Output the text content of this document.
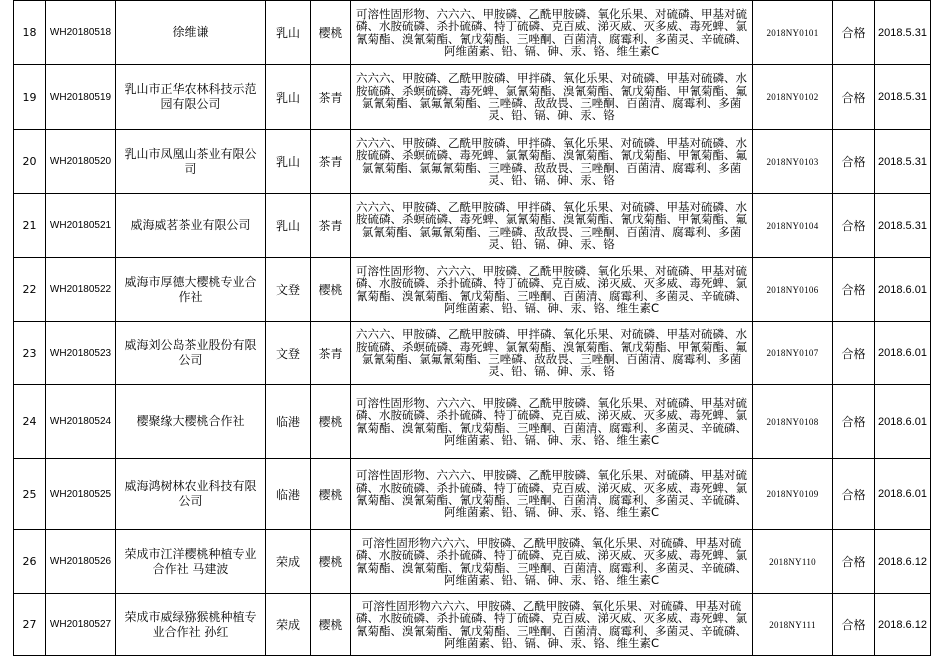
18	WH20180518	徐维谦	乳山	樱桃	可溶性固形物、六六六、甲胺磷、乙酰甲胺磷、氧化乐果、对硫磷、甲基对硫磷、水胺硫磷、杀扑硫磷、特丁硫磷、克百威、涕灭威、灭多威、毒死蜱、氯氰菊酯、溴氰菊酯、氰戊菊酯、三唑酮、百菌清、腐霉利、多菌灵、辛硫磷、阿维菌素、铅、镉、砷、汞、铬、维生素C	2018NY0101	合格	2018.5.31
19	WH20180519	乳山市正华农林科技示范园有限公司	乳山	茶青	六六六、甲胺磷、乙酰甲胺磷、甲拌磷、氧化乐果、对硫磷、甲基对硫磷、水胺硫磷、杀螟硫磷、毒死蜱、氯氰菊酯、溴氰菊酯、氰戊菊酯、甲氰菊酯、氟氯氰菊酯、氯氟氰菊酯、三唑磷、敌敌畏、三唑酮、百菌清、腐霉利、多菌灵、铅、镉、砷、汞、铬	2018NY0102	合格	2018.5.31
20	WH20180520	乳山市凤凰山茶业有限公司	乳山	茶青	六六六、甲胺磷、乙酰甲胺磷、甲拌磷、氧化乐果、对硫磷、甲基对硫磷、水胺硫磷、杀螟硫磷、毒死蜱、氯氰菊酯、溴氰菊酯、氰戊菊酯、甲氰菊酯、氟氯氰菊酯、氯氟氰菊酯、三唑磷、敌敌畏、三唑酮、百菌清、腐霉利、多菌灵、铅、镉、砷、汞、铬	2018NY0103	合格	2018.5.31
21	WH20180521	威海威茗茶业有限公司	乳山	茶青	六六六、甲胺磷、乙酰甲胺磷、甲拌磷、氧化乐果、对硫磷、甲基对硫磷、水胺硫磷、杀螟硫磷、毒死蜱、氯氰菊酯、溴氰菊酯、氰戊菊酯、甲氰菊酯、氟氯氰菊酯、氯氟氰菊酯、三唑磷、敌敌畏、三唑酮、百菌清、腐霉利、多菌灵、铅、镉、砷、汞、铬	2018NY0104	合格	2018.5.31
22	WH20180522	威海市厚德大樱桃专业合作社	文登	樱桃	可溶性固形物、六六六、甲胺磷、乙酰甲胺磷、氧化乐果、对硫磷、甲基对硫磷、水胺硫磷、杀扑硫磷、特丁硫磷、克百威、涕灭威、灭多威、毒死蜱、氯氰菊酯、溴氰菊酯、氰戊菊酯、三唑酮、百菌清、腐霉利、多菌灵、辛硫磷、阿维菌素、铅、镉、砷、汞、铬、维生素C	2018NY0106	合格	2018.6.01
23	WH20180523	威海刘公岛茶业股份有限公司	文登	茶青	六六六、甲胺磷、乙酰甲胺磷、甲拌磷、氧化乐果、对硫磷、甲基对硫磷、水胺硫磷、杀螟硫磷、毒死蜱、氯氰菊酯、溴氰菊酯、氰戊菊酯、甲氰菊酯、氟氯氰菊酯、氯氟氰菊酯、三唑磷、敌敌畏、三唑酮、百菌清、腐霉利、多菌灵、铅、镉、砷、汞、铬	2018NY0107	合格	2018.6.01
24	WH20180524	樱聚缘大樱桃合作社	临港	樱桃	可溶性固形物、六六六、甲胺磷、乙酰甲胺磷、氧化乐果、对硫磷、甲基对硫磷、水胺硫磷、杀扑硫磷、特丁硫磷、克百威、涕灭威、灭多威、毒死蜱、氯氰菊酯、溴氰菊酯、氰戊菊酯、三唑酮、百菌清、腐霉利、多菌灵、辛硫磷、阿维菌素、铅、镉、砷、汞、铬、维生素C	2018NY0108	合格	2018.6.01
25	WH20180525	威海鸿树林农业科技有限公司	临港	樱桃	可溶性固形物、六六六、甲胺磷、乙酰甲胺磷、氧化乐果、对硫磷、甲基对硫磷、水胺硫磷、杀扑硫磷、特丁硫磷、克百威、涕灭威、灭多威、毒死蜱、氯氰菊酯、溴氰菊酯、氰戊菊酯、三唑酮、百菌清、腐霉利、多菌灵、辛硫磷、阿维菌素、铅、镉、砷、汞、铬、维生素C	2018NY0109	合格	2018.6.01
26	WH20180526	荣成市江洋樱桃种植专业合作社 马建波	荣成	樱桃	可溶性固形物六六六、甲胺磷、乙酰甲胺磷、氧化乐果、对硫磷、甲基对硫磷、水胺硫磷、杀扑硫磷、特丁硫磷、克百威、涕灭威、灭多威、毒死蜱、氯氰菊酯、溴氰菊酯、氰戊菊酯、三唑酮、百菌清、腐霉利、多菌灵、辛硫磷、阿维菌素、铅、镉、砷、汞、铬、维生素C	2018NY110	合格	2018.6.12
27	WH20180527	荣成市威绿猕猴桃种植专业合作社 孙红	荣成	樱桃	可溶性固形物六六六、甲胺磷、乙酰甲胺磷、氧化乐果、对硫磷、甲基对硫磷、水胺硫磷、杀扑硫磷、特丁硫磷、克百威、涕灭威、灭多威、毒死蜱、氯氰菊酯、溴氰菊酯、氰戊菊酯、三唑酮、百菌清、腐霉利、多菌灵、辛硫磷、阿维菌素、铅、镉、砷、汞、铬、维生素C	2018NY111	合格	2018.6.12
